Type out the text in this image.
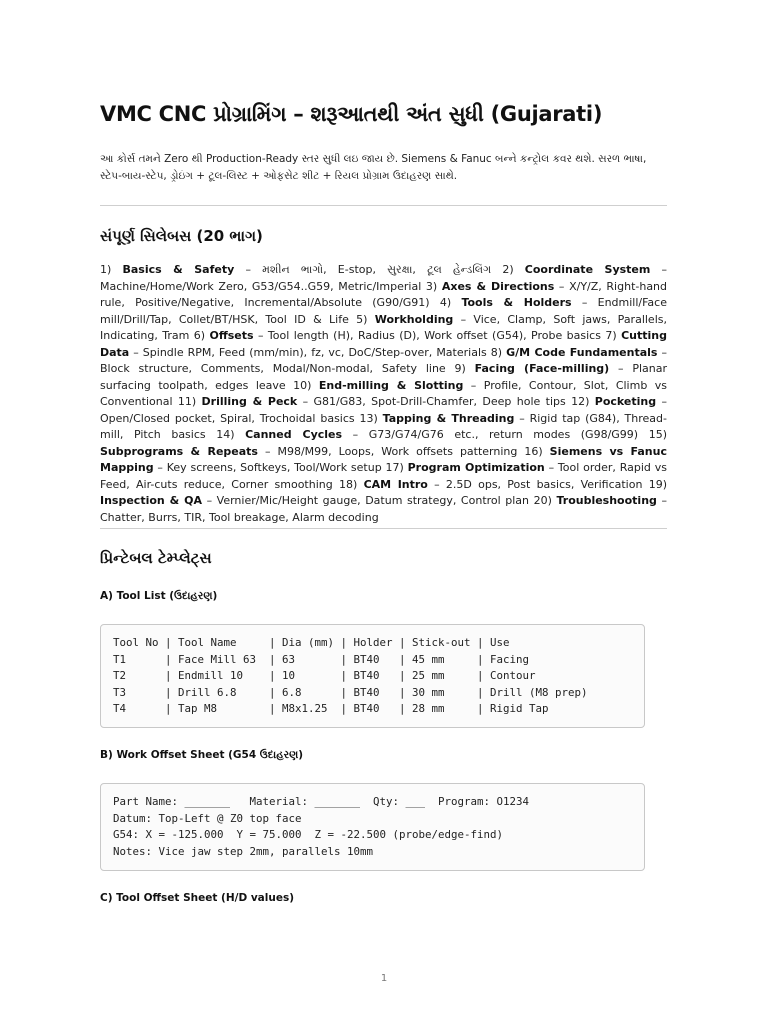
VMC CNC પ્રોગ્રામિંગ – શરૂઆતથી અંત સુધી (Gujarati)

આ કોર્સ તમને Zero થી Production-Ready સ્તર સુધી લઇ જાય છે. Siemens & Fanuc બન્ને કન્ટ્રોલ કવર થશે. સરળ ભાષા, સ્ટેપ-બાય-સ્ટેપ, ડ્રોઇંગ + ટૂલ-લિસ્ટ + ઓફસેટ શીટ + રિયલ પ્રોગ્રામ ઉદાહરણ સાથે.

સંપૂર્ણ સિલેબસ (20 ભાગ)

1) Basics & Safety – મશીન ભાગો, E-stop, સુરક્ષા, ટૂલ હેન્ડલિંગ 2) Coordinate System – Machine/Home/Work Zero, G53/G54..G59, Metric/Imperial 3) Axes & Directions – X/Y/Z, Right-hand rule, Positive/Negative, Incremental/Absolute (G90/G91) 4) Tools & Holders – Endmill/Face mill/Drill/Tap, Collet/BT/HSK, Tool ID & Life 5) Workholding – Vice, Clamp, Soft jaws, Parallels, Indicating, Tram 6) Offsets – Tool length (H), Radius (D), Work offset (G54), Probe basics 7) Cutting Data – Spindle RPM, Feed (mm/min), fz, vc, DoC/Step-over, Materials 8) G/M Code Fundamentals – Block structure, Comments, Modal/Non-modal, Safety line 9) Facing (Face-milling) – Planar surfacing toolpath, edges leave 10) End-milling & Slotting – Profile, Contour, Slot, Climb vs Conventional 11) Drilling & Peck – G81/G83, Spot-Drill-Chamfer, Deep hole tips 12) Pocketing – Open/Closed pocket, Spiral, Trochoidal basics 13) Tapping & Threading – Rigid tap (G84), Thread-mill, Pitch basics 14) Canned Cycles – G73/G74/G76 etc., return modes (G98/G99) 15) Subprograms & Repeats – M98/M99, Loops, Work offsets patterning 16) Siemens vs Fanuc Mapping – Key screens, Softkeys, Tool/Work setup 17) Program Optimization – Tool order, Rapid vs Feed, Air-cuts reduce, Corner smoothing 18) CAM Intro – 2.5D ops, Post basics, Verification 19) Inspection & QA – Vernier/Mic/Height gauge, Datum strategy, Control plan 20) Troubleshooting – Chatter, Burrs, TIR, Tool breakage, Alarm decoding

પ્રિન્ટેબલ ટેમ્પ્લેટ્સ
A) Tool List (ઉદાહરણ)
Tool No | Tool Name     | Dia (mm) | Holder | Stick-out | Use
T1      | Face Mill 63  | 63       | BT40   | 45 mm     | Facing
T2      | Endmill 10    | 10       | BT40   | 25 mm     | Contour
T3      | Drill 6.8     | 6.8      | BT40   | 30 mm     | Drill (M8 prep)
T4      | Tap M8        | M8x1.25  | BT40   | 28 mm     | Rigid Tap
B) Work Offset Sheet (G54 ઉદાહરણ)
Part Name: _______   Material: _______  Qty: ___  Program: O1234
Datum: Top-Left @ Z0 top face
G54: X = -125.000  Y = 75.000  Z = -22.500 (probe/edge-find)
Notes: Vice jaw step 2mm, parallels 10mm
C) Tool Offset Sheet (H/D values)
1
